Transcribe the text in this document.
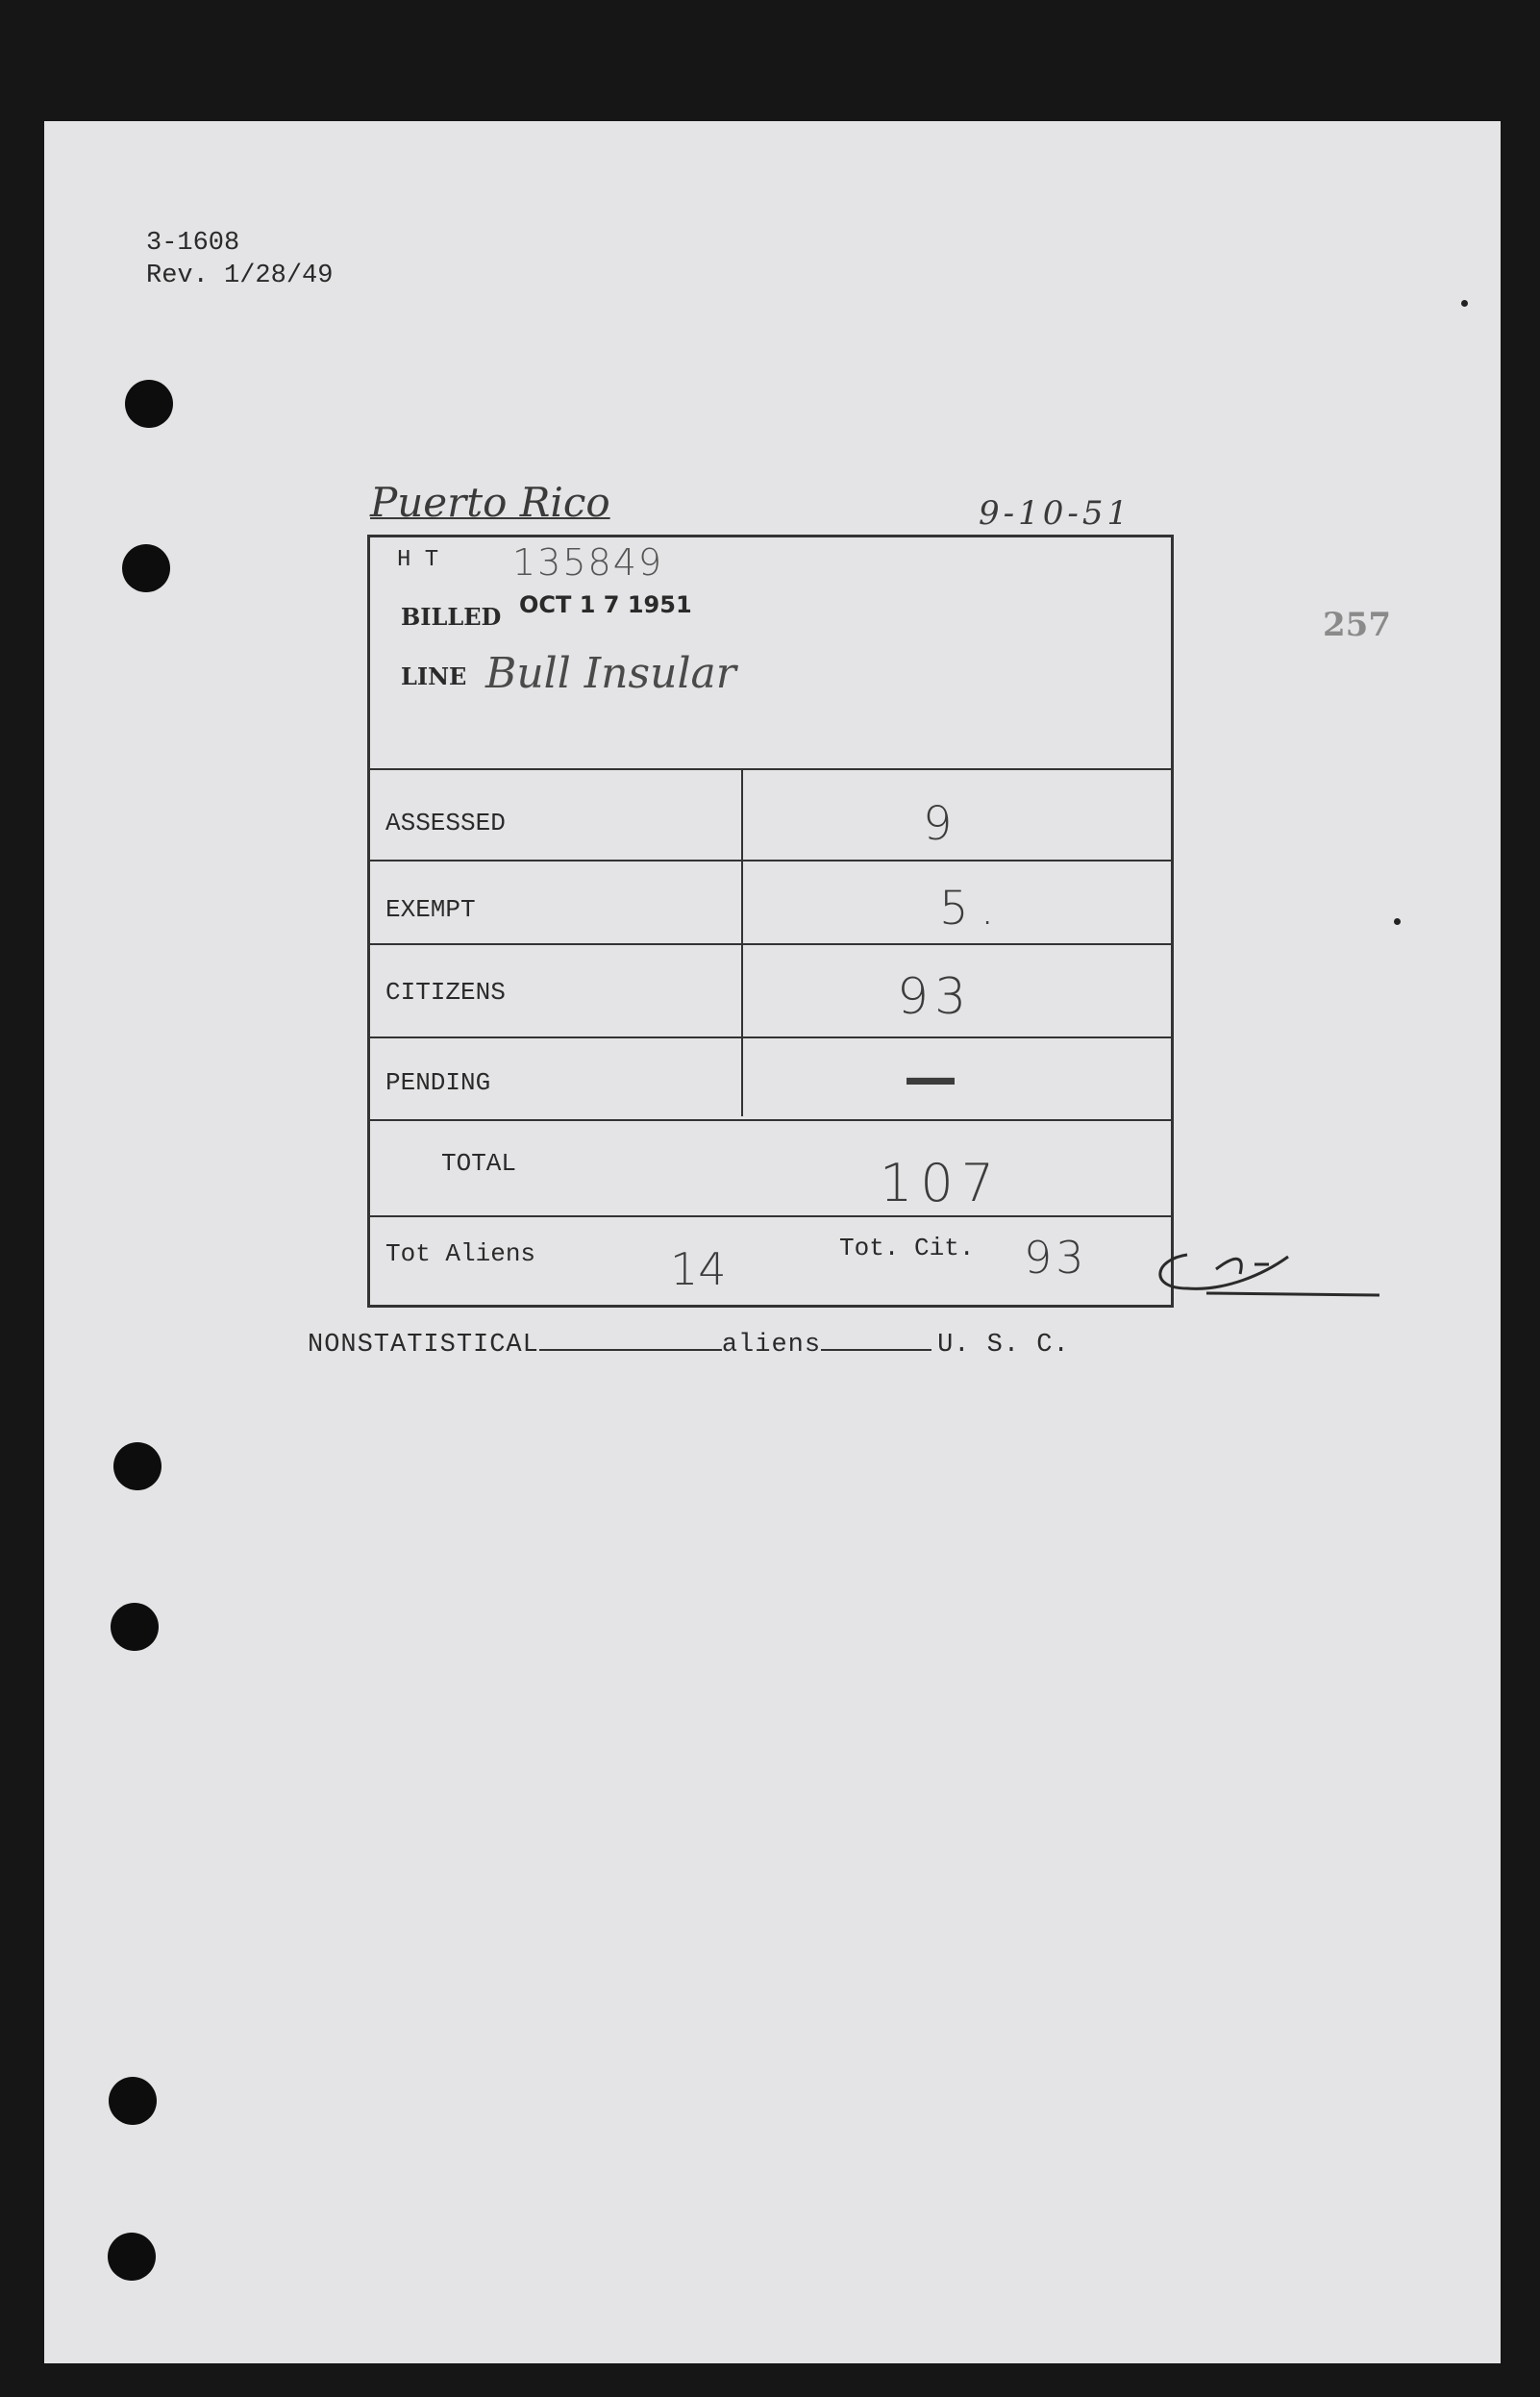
3-1608
Rev. 1/28/49
Puerto Rico	9-10-51
257
H T 135849
BILLED OCT 1 7 1951
LINE Bull Insular
ASSESSED	9
EXEMPT	5.
CITIZENS	93
PENDING	—
TOTAL	107
Tot Aliens	14	Tot. Cit. 93
NONSTATISTICAL	aliens	U. S. C.
